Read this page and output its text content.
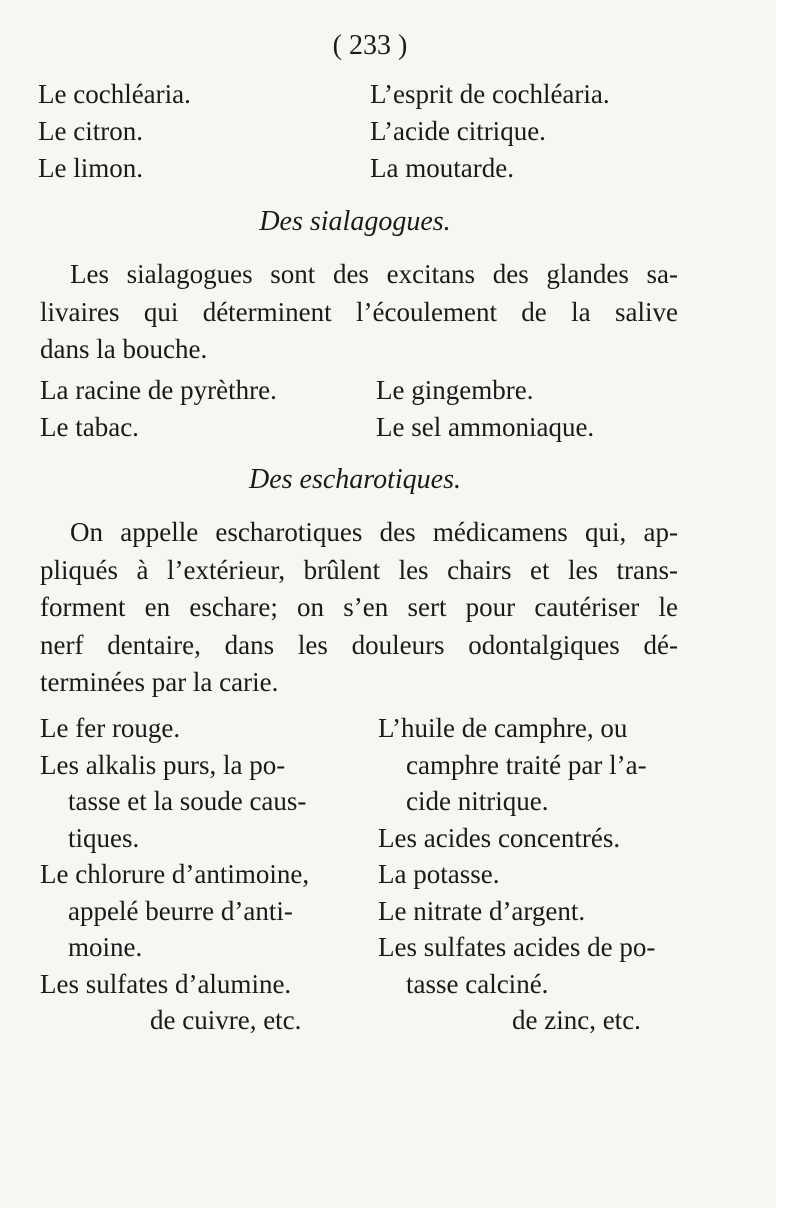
( 233 )
Le cochléaria.
Le citron.
Le limon.
L’esprit de cochléaria.
L’acide citrique.
La moutarde.
Des sialagogues.
Les sialagogues sont des excitans des glandes sa-
livaires qui déterminent l’écoulement de la salive
dans la bouche.
La racine de pyrèthre.
Le tabac.
Le gingembre.
Le sel ammoniaque.
Des escharotiques.
On appelle escharotiques des médicamens qui, ap-
pliqués à l’extérieur, brûlent les chairs et les trans-
forment en eschare; on s’en sert pour cautériser le
nerf dentaire, dans les douleurs odontalgiques dé-
terminées par la carie.
Le fer rouge.
Les alkalis purs, la po-
tasse et la soude caus-
tiques.
Le chlorure d’antimoine,
appelé beurre d’anti-
moine.
Les sulfates d’alumine.
de cuivre, etc.
L’huile de camphre, ou
camphre traité par l’a-
cide nitrique.
Les acides concentrés.
La potasse.
Le nitrate d’argent.
Les sulfates acides de po-
tasse calciné.
de zinc, etc.
